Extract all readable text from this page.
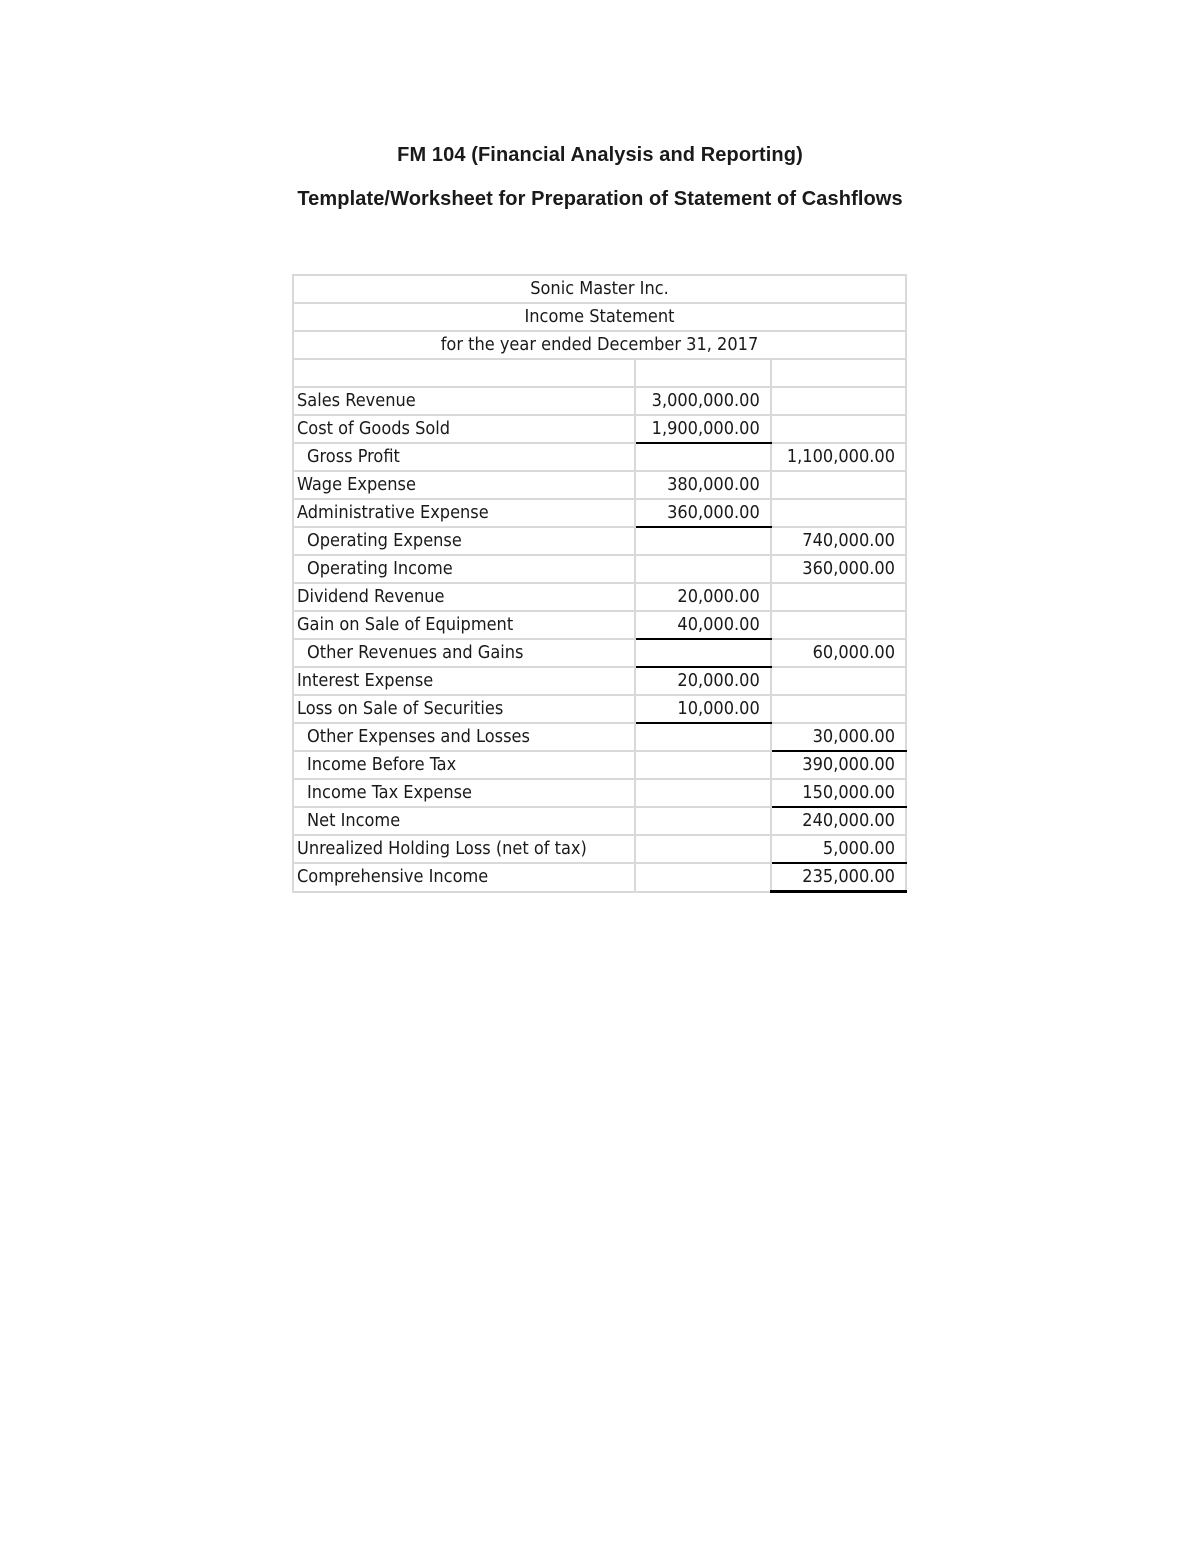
FM 104 (Financial Analysis and Reporting)
Template/Worksheet for Preparation of Statement of Cashflows
Sonic Master Inc.		
Income Statement		
for the year ended December 31, 2017		

Sales Revenue	3,000,000.00	
Cost of Goods Sold	1,900,000.00	
Gross Profit		1,100,000.00
Wage Expense	380,000.00	
Administrative Expense	360,000.00	
Operating Expense		740,000.00
Operating Income		360,000.00
Dividend Revenue	20,000.00	
Gain on Sale of Equipment	40,000.00	
Other Revenues and Gains		60,000.00
Interest Expense	20,000.00	
Loss on Sale of Securities	10,000.00	
Other Expenses and Losses		30,000.00
Income Before Tax		390,000.00
Income Tax Expense		150,000.00
Net Income		240,000.00
Unrealized Holding Loss (net of tax)		5,000.00
Comprehensive Income		235,000.00
